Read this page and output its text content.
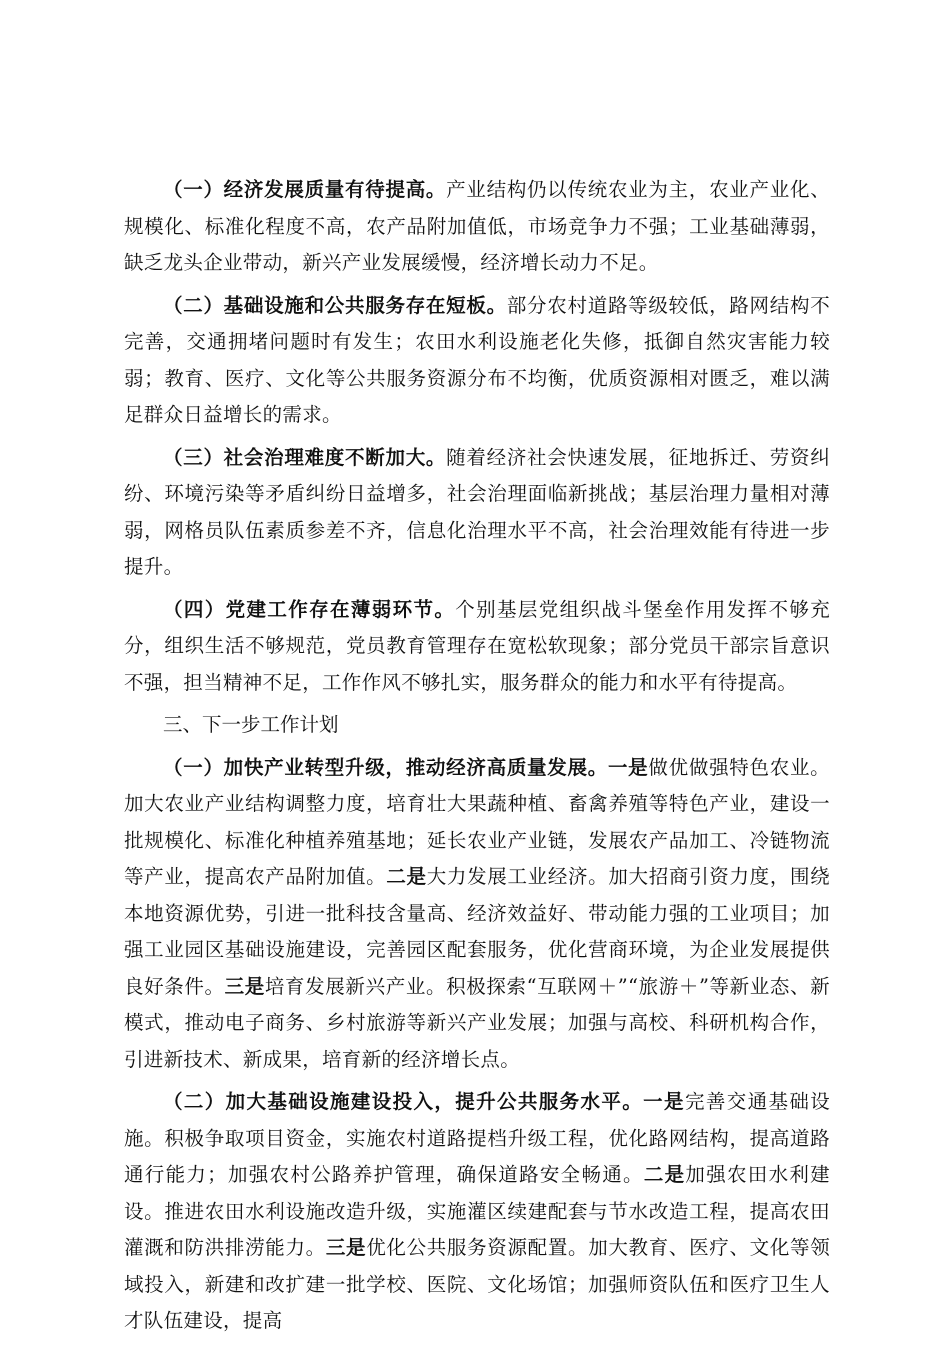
（一）经济发展质量有待提高。产业结构仍以传统农业为主，农业产业化、规模化、标准化程度不高，农产品附加值低，市场竞争力不强；工业基础薄弱，缺乏龙头企业带动，新兴产业发展缓慢，经济增长动力不足。

（二）基础设施和公共服务存在短板。部分农村道路等级较低，路网结构不完善，交通拥堵问题时有发生；农田水利设施老化失修，抵御自然灾害能力较弱；教育、医疗、文化等公共服务资源分布不均衡，优质资源相对匮乏，难以满足群众日益增长的需求。

（三）社会治理难度不断加大。随着经济社会快速发展，征地拆迁、劳资纠纷、环境污染等矛盾纠纷日益增多，社会治理面临新挑战；基层治理力量相对薄弱，网格员队伍素质参差不齐，信息化治理水平不高，社会治理效能有待进一步提升。

（四）党建工作存在薄弱环节。个别基层党组织战斗堡垒作用发挥不够充分，组织生活不够规范，党员教育管理存在宽松软现象；部分党员干部宗旨意识不强，担当精神不足，工作作风不够扎实，服务群众的能力和水平有待提高。

三、下一步工作计划

（一）加快产业转型升级，推动经济高质量发展。一是做优做强特色农业。加大农业产业结构调整力度，培育壮大果蔬种植、畜禽养殖等特色产业，建设一批规模化、标准化种植养殖基地；延长农业产业链，发展农产品加工、冷链物流等产业，提高农产品附加值。二是大力发展工业经济。加大招商引资力度，围绕本地资源优势，引进一批科技含量高、经济效益好、带动能力强的工业项目；加强工业园区基础设施建设，完善园区配套服务，优化营商环境，为企业发展提供良好条件。三是培育发展新兴产业。积极探索“互联网＋”“旅游＋”等新业态、新模式，推动电子商务、乡村旅游等新兴产业发展；加强与高校、科研机构合作，引进新技术、新成果，培育新的经济增长点。

（二）加大基础设施建设投入，提升公共服务水平。一是完善交通基础设施。积极争取项目资金，实施农村道路提档升级工程，优化路网结构，提高道路通行能力；加强农村公路养护管理，确保道路安全畅通。二是加强农田水利建设。推进农田水利设施改造升级，实施灌区续建配套与节水改造工程，提高农田灌溉和防洪排涝能力。三是优化公共服务资源配置。加大教育、医疗、文化等领域投入，新建和改扩建一批学校、医院、文化场馆；加强师资队伍和医疗卫生人才队伍建设，提高
